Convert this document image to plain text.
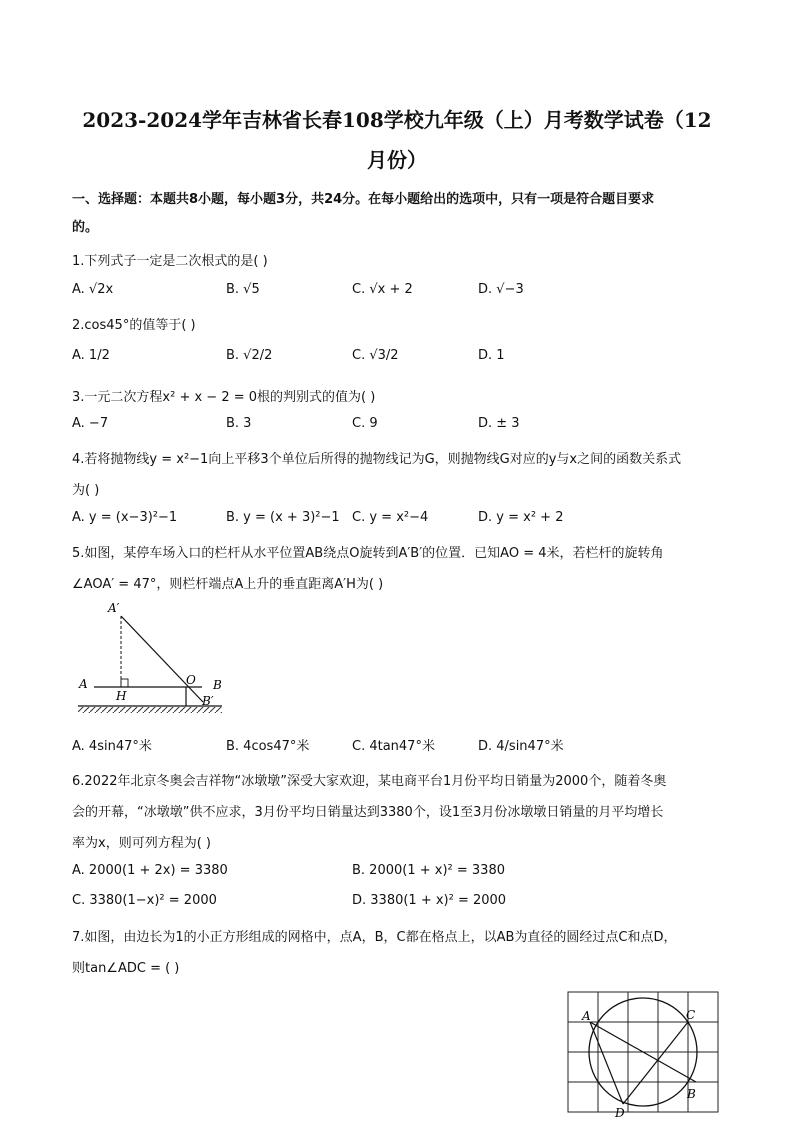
2023-2024学年吉林省长春108学校九年级（上）月考数学试卷（12
月份）
一、选择题：本题共8小题，每小题3分，共24分。在每小题给出的选项中，只有一项是符合题目要求
的。
1.下列式子一定是二次根式的是( )
A. √2x	B. √5	C. √x + 2	D. √−3
2.cos45°的值等于( )
A. 1/2	B. √2/2	C. √3/2	D. 1
3.一元二次方程x² + x − 2 = 0根的判别式的值为( )
A. −7	B. 3	C. 9	D. ± 3
4.若将抛物线y = x²−1向上平移3个单位后所得的抛物线记为G，则抛物线G对应的y与x之间的函数关系式
为( )
A. y = (x−3)²−1	B. y = (x + 3)²−1 C. y = x²−4	D. y = x² + 2
5.如图，某停车场入口的栏杆从水平位置AB绕点O旋转到A′B′的位置．已知AO = 4米，若栏杆的旋转角
∠AOA′ = 47°，则栏杆端点A上升的垂直距离A′H为( )
A′
A
H
O B
B′
A. 4sin47°米	B. 4cos47°米	C. 4tan47°米	D. 4/sin47°米
6.2022年北京冬奥会吉祥物“冰墩墩”深受大家欢迎，某电商平台1月份平均日销量为2000个，随着冬奥
会的开幕，“冰墩墩”供不应求，3月份平均日销量达到3380个，设1至3月份冰墩墩日销量的月平均增长
率为x，则可列方程为( )
A. 2000(1 + 2x) = 3380	B. 2000(1 + x)² = 3380
C. 3380(1−x)² = 2000	D. 3380(1 + x)² = 2000
7.如图，由边长为1的小正方形组成的网格中，点A，B，C都在格点上，以AB为直径的圆经过点C和点D，
则tan∠ADC = ( )
A	C
B
D
